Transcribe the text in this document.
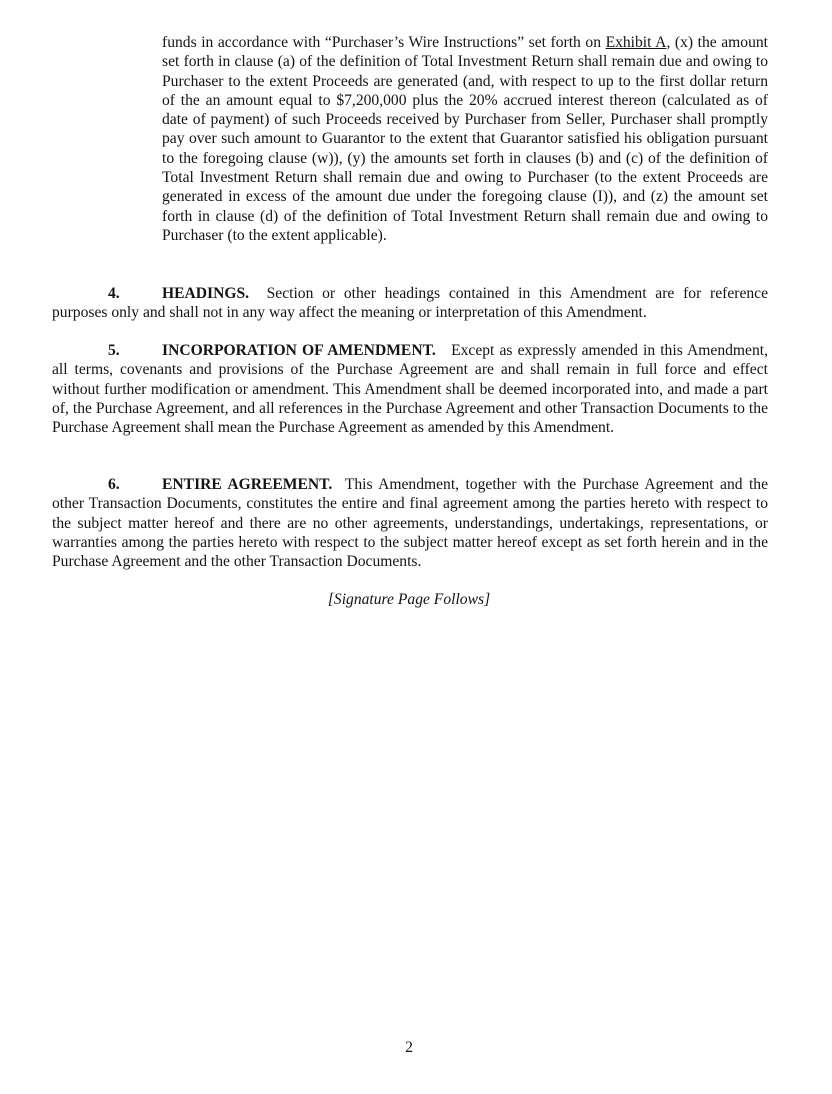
funds in accordance with “Purchaser’s Wire Instructions” set forth on Exhibit A, (x) the amount set forth in clause (a) of the definition of Total Investment Return shall remain due and owing to Purchaser to the extent Proceeds are generated (and, with respect to up to the first dollar return of the an amount equal to $7,200,000 plus the 20% accrued interest thereon (calculated as of date of payment) of such Proceeds received by Purchaser from Seller, Purchaser shall promptly pay over such amount to Guarantor to the extent that Guarantor satisfied his obligation pursuant to the foregoing clause (w)), (y) the amounts set forth in clauses (b) and (c) of the definition of Total Investment Return shall remain due and owing to Purchaser (to the extent Proceeds are generated in excess of the amount due under the foregoing clause (I)), and (z) the amount set forth in clause (d) of the definition of Total Investment Return shall remain due and owing to Purchaser (to the extent applicable).

4.	HEADINGS. Section or other headings contained in this Amendment are for reference purposes only and shall not in any way affect the meaning or interpretation of this Amendment.

5.	INCORPORATION OF AMENDMENT. Except as expressly amended in this Amendment, all terms, covenants and provisions of the Purchase Agreement are and shall remain in full force and effect without further modification or amendment. This Amendment shall be deemed incorporated into, and made a part of, the Purchase Agreement, and all references in the Purchase Agreement and other Transaction Documents to the Purchase Agreement shall mean the Purchase Agreement as amended by this Amendment.

6.	ENTIRE AGREEMENT. This Amendment, together with the Purchase Agreement and the other Transaction Documents, constitutes the entire and final agreement among the parties hereto with respect to the subject matter hereof and there are no other agreements, understandings, undertakings, representations, or warranties among the parties hereto with respect to the subject matter hereof except as set forth herein and in the Purchase Agreement and the other Transaction Documents.

[Signature Page Follows]
2
